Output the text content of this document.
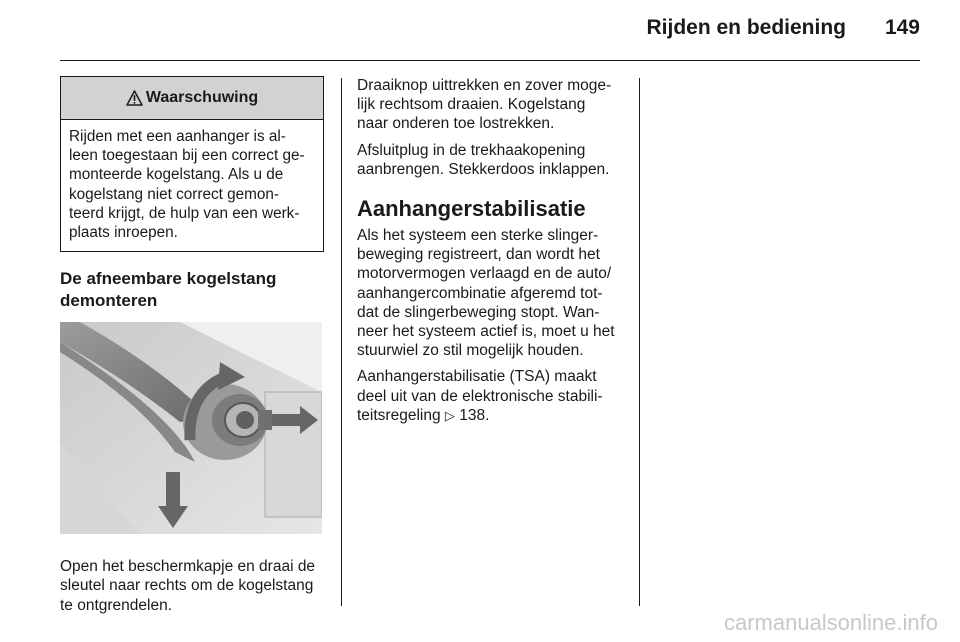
Rijden en bediening 149
Waarschuwing
Rijden met een aanhanger is al-
leen toegestaan bij een correct ge-
monteerde kogelstang. Als u de
kogelstang niet correct gemon-
teerd krijgt, de hulp van een werk-
plaats inroepen.
De afneembare kogelstang
demonteren
Open het beschermkapje en draai de
sleutel naar rechts om de kogelstang
te ontgrendelen.
Draaiknop uittrekken en zover moge-
lijk rechtsom draaien. Kogelstang
naar onderen toe lostrekken.
Afsluitplug in de trekhaakopening
aanbrengen. Stekkerdoos inklappen.
Aanhangerstabilisatie
Als het systeem een sterke slinger-
beweging registreert, dan wordt het
motorvermogen verlaagd en de auto/
aanhangercombinatie afgeremd tot-
dat de slingerbeweging stopt. Wan-
neer het systeem actief is, moet u het
stuurwiel zo stil mogelijk houden.
Aanhangerstabilisatie (TSA) maakt
deel uit van de elektronische stabili-
teitsregeling ▷ 138.
carmanualsonline.info
